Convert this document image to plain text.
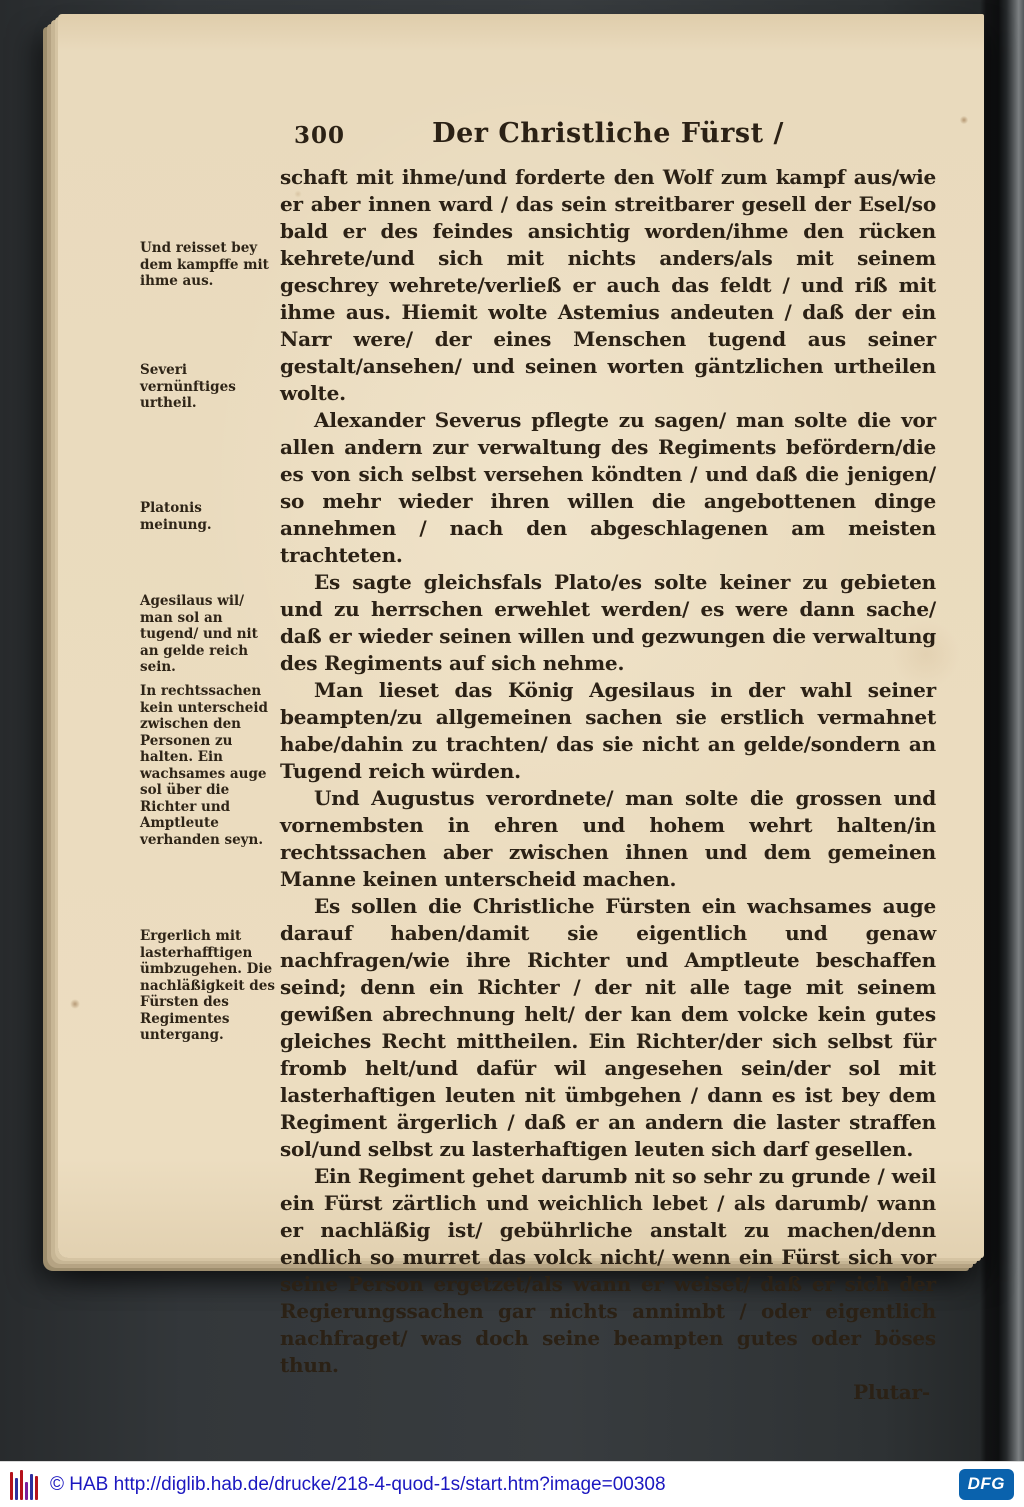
300	Der Christliche Fürst /
Und reisset bey dem kampffe mit ihme aus.
Severi vernünftiges urtheil.
Platonis meinung.
Agesilaus wil/ man sol an tugend/ und nit an gelde reich sein.
In rechtssachen kein unterscheid zwischen den Personen zu halten. Ein wachsames auge sol über die Richter und Amptleute verhanden seyn.
Ergerlich mit lasterhafftigen ümbzugehen. Die nachläßigkeit des Fürsten des Regimentes untergang.

schaft mit ihme/und forderte den Wolf zum kampf aus/wie er aber innen ward / das sein streitbarer gesell der Esel/so bald er des feindes ansichtig worden/ihme den rücken kehrete/und sich mit nichts anders/als mit seinem geschrey wehrete/verließ er auch das feldt / und riß mit ihme aus. Hiemit wolte Astemius andeuten / daß der ein Narr were/ der eines Menschen tugend aus seiner gestalt/ansehen/ und seinen worten gäntzlichen urtheilen wolte.

Alexander Severus pflegte zu sagen/ man solte die vor allen andern zur verwaltung des Regiments befördern/die es von sich selbst versehen köndten / und daß die jenigen/ so mehr wieder ihren willen die angebottenen dinge annehmen / nach den abgeschlagenen am meisten trachteten.

Es sagte gleichsfals Plato/es solte keiner zu gebieten und zu herrschen erwehlet werden/ es were dann sache/ daß er wieder seinen willen und gezwungen die verwaltung des Regiments auf sich nehme.

Man lieset das König Agesilaus in der wahl seiner beampten/zu allgemeinen sachen sie erstlich vermahnet habe/dahin zu trachten/ das sie nicht an gelde/sondern an Tugend reich würden.

Und Augustus verordnete/ man solte die grossen und vornembsten in ehren und hohem wehrt halten/in rechtssachen aber zwischen ihnen und dem gemeinen Manne keinen unterscheid machen.

Es sollen die Christliche Fürsten ein wachsames auge darauf haben/damit sie eigentlich und genaw nachfragen/wie ihre Richter und Amptleute beschaffen seind; denn ein Richter / der nit alle tage mit seinem gewißen abrechnung helt/ der kan dem volcke kein gutes gleiches Recht mittheilen. Ein Richter/der sich selbst für fromb helt/und dafür wil angesehen sein/der sol mit lasterhaftigen leuten nit ümbgehen / dann es ist bey dem Regiment ärgerlich / daß er an andern die laster straffen sol/und selbst zu lasterhaftigen leuten sich darf gesellen.

Ein Regiment gehet darumb nit so sehr zu grunde / weil ein Fürst zärtlich und weichlich lebet / als darumb/ wann er nachläßig ist/ gebührliche anstalt zu machen/denn endlich so murret das volck nicht/ wenn ein Fürst sich vor seine Person ergetzet/als wann er weiset/ daß er sich der Regierungssachen gar nichts annimbt / oder eigentlich nachfraget/ was doch seine beampten gutes oder böses thun.

Plutar-
© HAB http://diglib.hab.de/drucke/218-4-quod-1s/start.htm?image=00308	DFG
